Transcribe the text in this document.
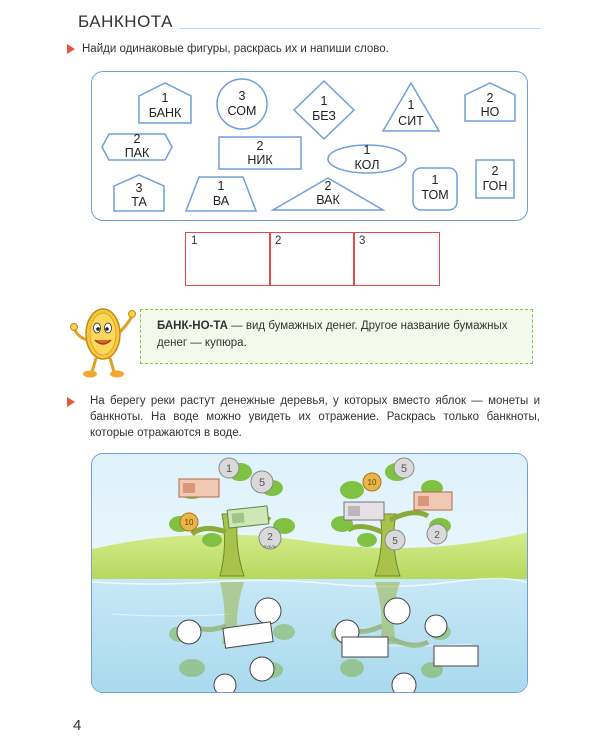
БАНКНОТА
Найди одинаковые фигуры, раскрась их и напиши слово.
1
БАНК
3
СОМ
1
БЕЗ
1
СИТ
2
НО
2
ПАК	2
НИК
1
КОЛ
3
ТА
1
ВА
2
ВАК
1
ТОМ
2
ГОН
1	2	3
БАНК-НО-ТА — вид бумажных денег. Другое название бумажных денег — купюра.
На берегу реки растут денежные деревья, у которых вместо яблок — монеты и банкноты. На воде можно увидеть их отражение. Раскрась только банкноты, которые отражаются в воде.
1
5
10
2
РУБЛЬ
5
10
2
5
4
